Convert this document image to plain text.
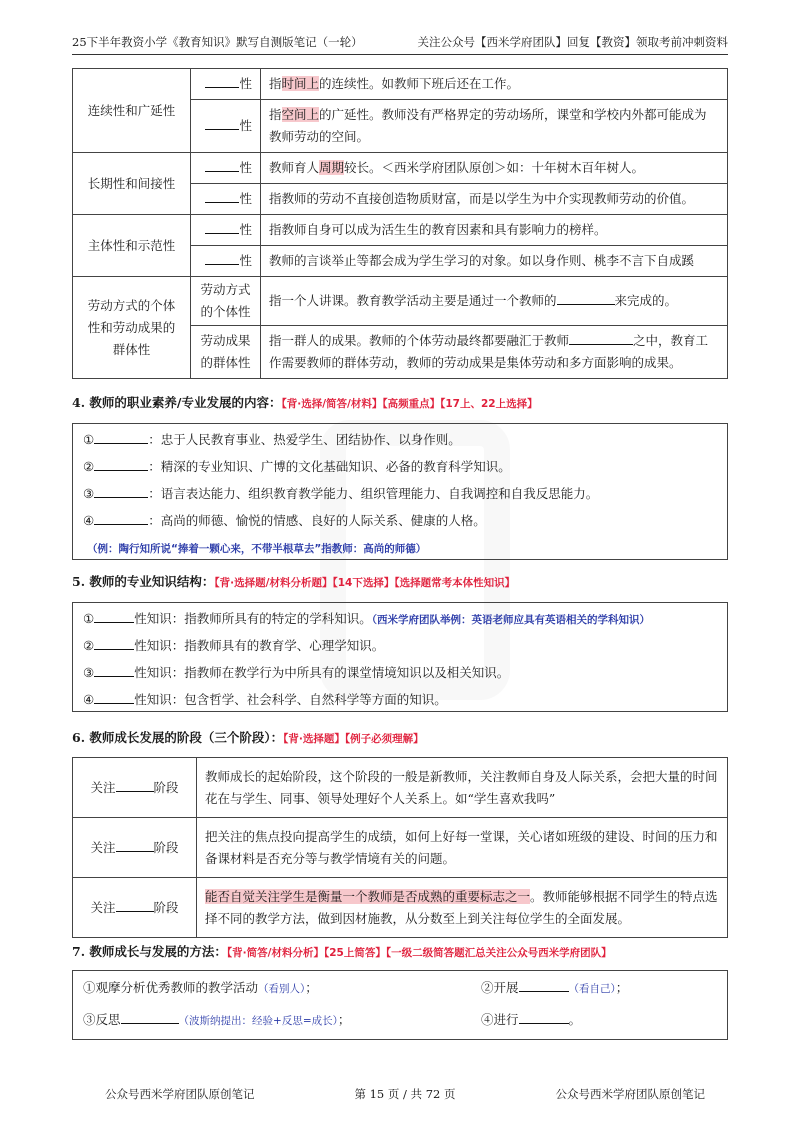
25下半年教资小学《教育知识》默写自测版笔记（一轮）	关注公众号【西米学府团队】回复【教资】领取考前冲刺资料
连续性和广延性	性	指时间上的连续性。如教师下班后还在工作。
	性	指空间上的广延性。教师没有严格界定的劳动场所，课堂和学校内外都可能成为教师劳动的空间。
长期性和间接性	性	教师育人周期较长。＜西米学府团队原创＞如：十年树木百年树人。
	性	指教师的劳动不直接创造物质财富，而是以学生为中介实现教师劳动的价值。
主体性和示范性	性	指教师自身可以成为活生生的教育因素和具有影响力的榜样。
	性	教师的言谈举止等都会成为学生学习的对象。如以身作则、桃李不言下自成蹊
劳动方式的个体性和劳动成果的群体性	劳动方式的个体性	指一个人讲课。教育教学活动主要是通过一个教师的 来完成的。
	劳动成果的群体性	指一群人的成果。教师的个体劳动最终都要融汇于教师 之中，教育工作需要教师的群体劳动，教师的劳动成果是集体劳动和多方面影响的成果。
4. 教师的职业素养/专业发展的内容：【背·选择/简答/材料】【高频重点】【17上、22上选择】
①	：忠于人民教育事业、热爱学生、团结协作、以身作则。
②	：精深的专业知识、广博的文化基础知识、必备的教育科学知识。
③	：语言表达能力、组织教育教学能力、组织管理能力、自我调控和自我反思能力。
④	：高尚的师德、愉悦的情感、良好的人际关系、健康的人格。
（例：陶行知所说“捧着一颗心来，不带半根草去”指教师：高尚的师德）
5. 教师的专业知识结构：【背·选择题/材料分析题】【14下选择】【选择题常考本体性知识】
①	性知识：指教师所具有的特定的学科知识。（西米学府团队举例：英语老师应具有英语相关的学科知识）
②	性知识：指教师具有的教育学、心理学知识。
③	性知识：指教师在教学行为中所具有的课堂情境知识以及相关知识。
④	性知识：包含哲学、社会科学、自然科学等方面的知识。
6. 教师成长发展的阶段（三个阶段）：【背·选择题】【例子必须理解】
关注 阶段	教师成长的起始阶段，这个阶段的一般是新教师，关注教师自身及人际关系，会把大量的时间花在与学生、同事、领导处理好个人关系上。如“学生喜欢我吗”
关注 阶段	把关注的焦点投向提高学生的成绩，如何上好每一堂课，关心诸如班级的建设、时间的压力和备课材料是否充分等与教学情境有关的问题。
关注 阶段	能否自觉关注学生是衡量一个教师是否成熟的重要标志之一。教师能够根据不同学生的特点选择不同的教学方法，做到因材施教，从分数至上到关注每位学生的全面发展。
7. 教师成长与发展的方法：【背·简答/材料分析】【25上简答】【一级二级简答题汇总关注公众号西米学府团队】
①观摩分析优秀教师的教学活动（看别人）；	②开展	（看自己）；
③反思	（波斯纳提出：经验+反思=成长）；	④进行	。
公众号西米学府团队原创笔记	第 15 页 / 共 72 页	公众号西米学府团队原创笔记
